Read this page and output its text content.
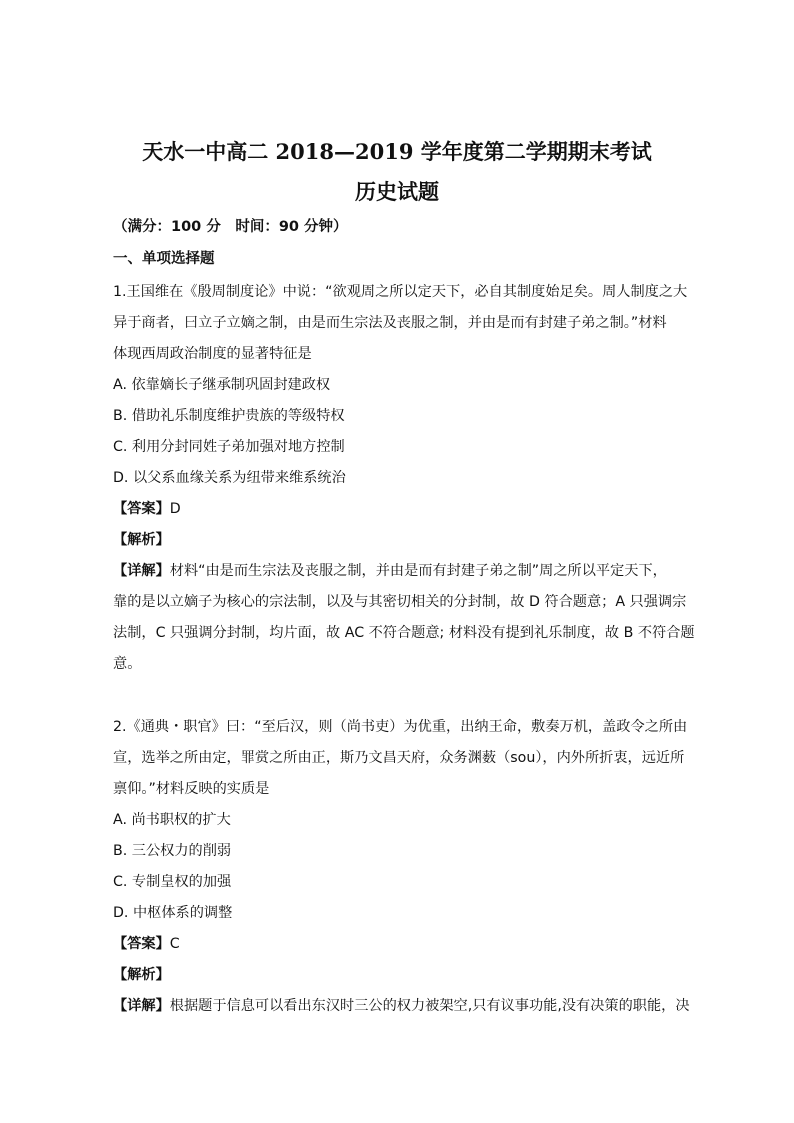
天水一中高二 2018—2019 学年度第二学期期末考试
历史试题
（满分：100 分　时间：90 分钟）
一、单项选择题
1.王国维在《殷周制度论》中说：“欲观周之所以定天下，必自其制度始足矣。周人制度之大
异于商者，曰立子立嫡之制，由是而生宗法及丧服之制，并由是而有封建子弟之制。”材料
体现西周政治制度的显著特征是
A. 依靠嫡长子继承制巩固封建政权
B. 借助礼乐制度维护贵族的等级特权
C. 利用分封同姓子弟加强对地方控制
D. 以父系血缘关系为纽带来维系统治
【答案】D
【解析】
【详解】材料“由是而生宗法及丧服之制，并由是而有封建子弟之制”周之所以平定天下，
靠的是以立嫡子为核心的宗法制，以及与其密切相关的分封制，故 D 符合题意；A 只强调宗
法制，C 只强调分封制，均片面，故 AC 不符合题意; 材料没有提到礼乐制度，故 B 不符合题
意。
2.《通典・职官》曰：“至后汉，则（尚书吏）为优重，出纳王命，敷奏万机，盖政令之所由
宣，选举之所由定，罪赏之所由正，斯乃文昌天府，众务渊薮（sou），内外所折衷，远近所
禀仰。”材料反映的实质是
A. 尚书职权的扩大
B. 三公权力的削弱
C. 专制皇权的加强
D. 中枢体系的调整
【答案】C
【解析】
【详解】根据题于信息可以看出东汉时三公的权力被架空,只有议事功能,没有决策的职能，决
